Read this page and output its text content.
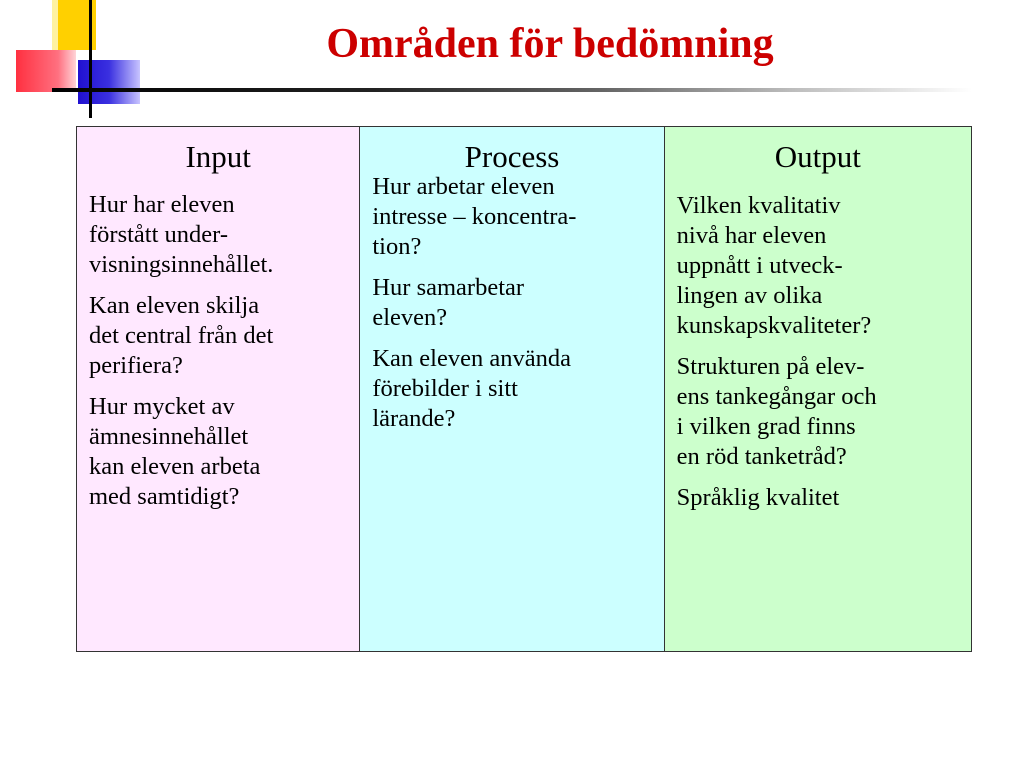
Områden för bedömning
Input
Hur har eleven
förstått under-
visningsinnehållet.
Kan eleven skilja
det central från det
perifiera?
Hur mycket av
ämnesinnehållet
kan eleven arbeta
med samtidigt?
Process
Hur arbetar eleven
intresse – koncentra-
tion?
Hur samarbetar
eleven?
Kan eleven använda
förebilder i sitt
lärande?
Output
Vilken kvalitativ
nivå har eleven
uppnått i utveck-
lingen av olika
kunskapskvaliteter?
Strukturen på elev-
ens tankegångar och
i vilken grad finns
en röd tanketråd?
Språklig kvalitet
